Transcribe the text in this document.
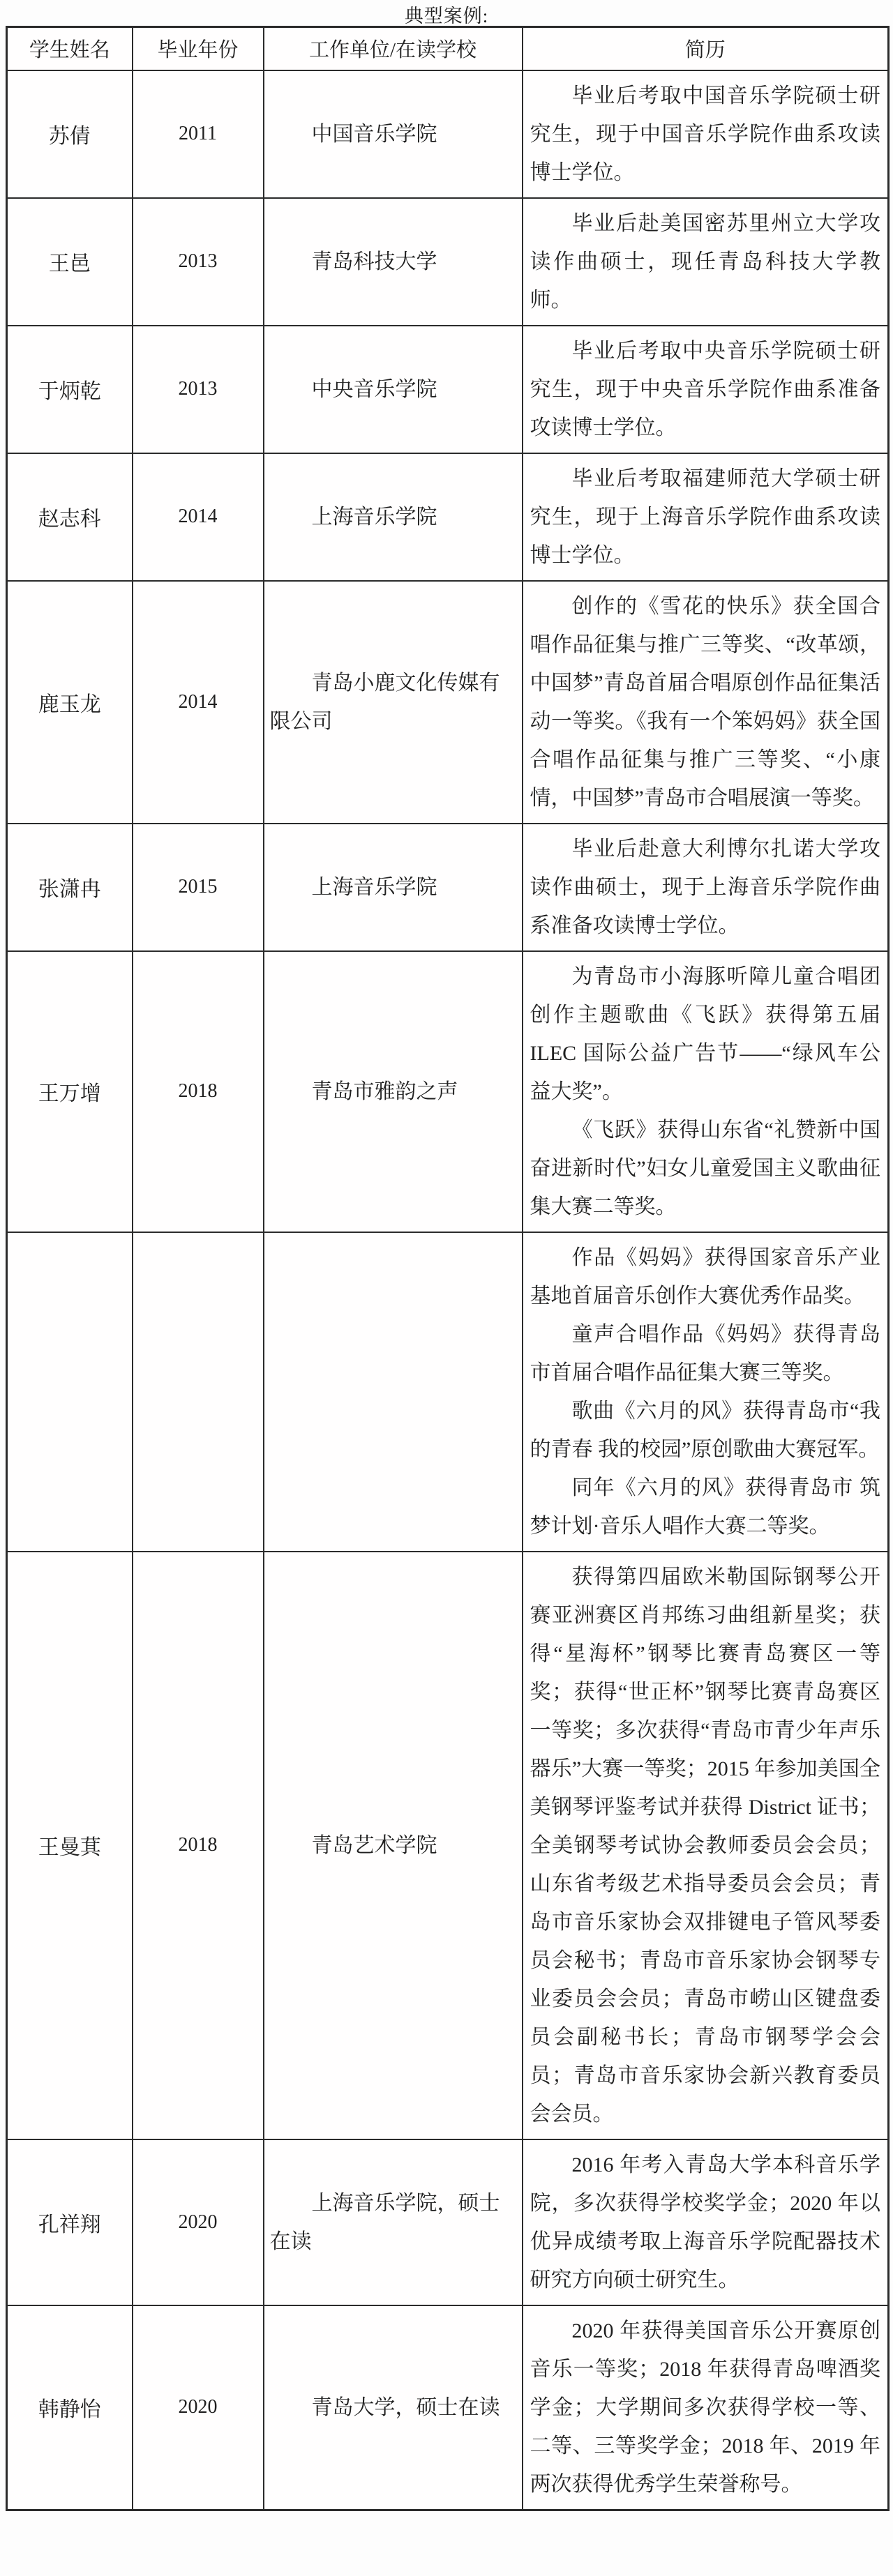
典型案例:
学生姓名	毕业年份	工作单位/在读学校	简历
苏倩	2011	中国音乐学院	毕业后考取中国音乐学院硕士研究生，现于中国音乐学院作曲系攻读博士学位。

王邑	2013	青岛科技大学	毕业后赴美国密苏里州立大学攻读作曲硕士，现任青岛科技大学教师。

于炳乾	2013	中央音乐学院	毕业后考取中央音乐学院硕士研究生，现于中央音乐学院作曲系准备攻读博士学位。

赵志科	2014	上海音乐学院	毕业后考取福建师范大学硕士研究生，现于上海音乐学院作曲系攻读博士学位。

鹿玉龙	2014	青岛小鹿文化传媒有限公司	创作的《雪花的快乐》获全国合唱作品征集与推广三等奖、“改革颂，中国梦”青岛首届合唱原创作品征集活动一等奖。《我有一个笨妈妈》获全国合唱作品征集与推广三等奖、“小康情，中国梦”青岛市合唱展演一等奖。

张潇冉	2015	上海音乐学院	毕业后赴意大利博尔扎诺大学攻读作曲硕士，现于上海音乐学院作曲系准备攻读博士学位。

王万增	2018	青岛市雅韵之声	为青岛市小海豚听障儿童合唱团创作主题歌曲《飞跃》获得第五届 ILEC 国际公益广告节——“绿风车公益大奖”。

《飞跃》获得山东省“礼赞新中国 奋进新时代”妇女儿童爱国主义歌曲征集大赛二等奖。

			作品《妈妈》获得国家音乐产业基地首届音乐创作大赛优秀作品奖。

童声合唱作品《妈妈》获得青岛市首届合唱作品征集大赛三等奖。

歌曲《六月的风》获得青岛市“我的青春 我的校园”原创歌曲大赛冠军。

同年《六月的风》获得青岛市 筑梦计划·音乐人唱作大赛二等奖。

王曼萁	2018	青岛艺术学院	获得第四届欧米勒国际钢琴公开赛亚洲赛区肖邦练习曲组新星奖；获得“星海杯”钢琴比赛青岛赛区一等奖；获得“世正杯”钢琴比赛青岛赛区一等奖；多次获得“青岛市青少年声乐器乐”大赛一等奖；2015 年参加美国全美钢琴评鉴考试并获得 District 证书；全美钢琴考试协会教师委员会会员；山东省考级艺术指导委员会会员；青岛市音乐家协会双排键电子管风琴委员会秘书；青岛市音乐家协会钢琴专业委员会会员；青岛市崂山区键盘委员会副秘书长；青岛市钢琴学会会员；青岛市音乐家协会新兴教育委员会会员。

孔祥翔	2020	上海音乐学院，硕士在读	2016 年考入青岛大学本科音乐学院，多次获得学校奖学金；2020 年以优异成绩考取上海音乐学院配器技术研究方向硕士研究生。

韩静怡	2020	青岛大学，硕士在读	2020 年获得美国音乐公开赛原创音乐一等奖；2018 年获得青岛啤酒奖学金；大学期间多次获得学校一等、二等、三等奖学金；2018 年、2019 年两次获得优秀学生荣誉称号。
